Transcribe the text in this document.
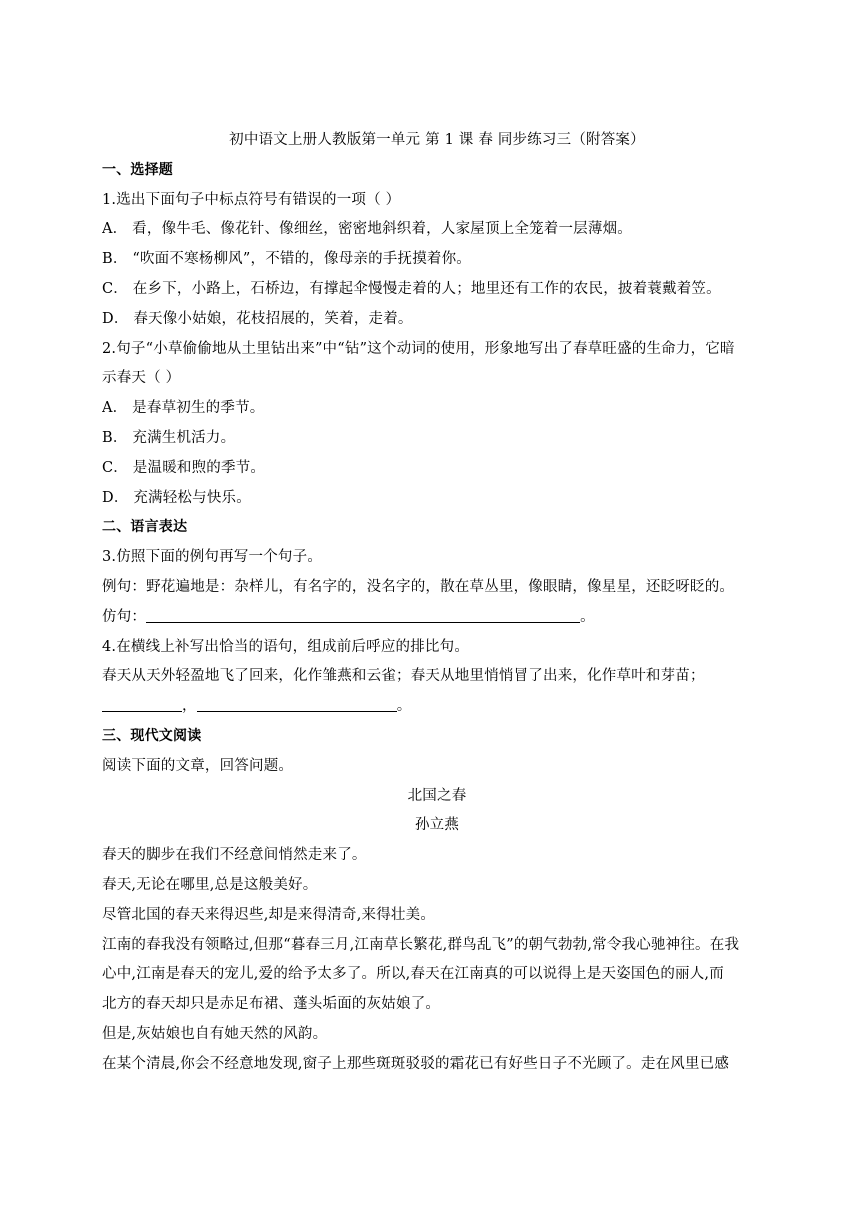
初中语文上册人教版第一单元 第 1 课 春 同步练习三（附答案）
一、选择题
1.选出下面句子中标点符号有错误的一项（ ）
A． 看，像牛毛、像花针、像细丝，密密地斜织着，人家屋顶上全笼着一层薄烟。
B． “吹面不寒杨柳风”，不错的，像母亲的手抚摸着你。
C． 在乡下，小路上，石桥边，有撑起伞慢慢走着的人；地里还有工作的农民，披着蓑戴着笠。
D． 春天像小姑娘，花枝招展的，笑着，走着。
2.句子“小草偷偷地从土里钻出来”中“钻”这个动词的使用，形象地写出了春草旺盛的生命力，它暗
示春天（ ）
A． 是春草初生的季节。
B． 充满生机活力。
C． 是温暖和煦的季节。
D． 充满轻松与快乐。
二、语言表达
3.仿照下面的例句再写一个句子。
例句：野花遍地是：杂样儿，有名字的，没名字的，散在草丛里，像眼睛，像星星，还眨呀眨的。
仿句：	。
4.在横线上补写出恰当的语句，组成前后呼应的排比句。
春天从天外轻盈地飞了回来，化作雏燕和云雀；春天从地里悄悄冒了出来，化作草叶和芽苗；
，	。
三、现代文阅读
阅读下面的文章，回答问题。
北国之春
孙立燕
春天的脚步在我们不经意间悄然走来了。
春天,无论在哪里,总是这般美好。
尽管北国的春天来得迟些,却是来得清奇,来得壮美。
江南的春我没有领略过,但那“暮春三月,江南草长繁花,群鸟乱飞”的朝气勃勃,常令我心驰神往。在我
心中,江南是春天的宠儿,爱的给予太多了。所以,春天在江南真的可以说得上是天姿国色的丽人,而
北方的春天却只是赤足布裙、蓬头垢面的灰姑娘了。
但是,灰姑娘也自有她天然的风韵。
在某个清晨,你会不经意地发现,窗子上那些斑斑驳驳的霜花已有好些日子不光顾了。走在风里已感
